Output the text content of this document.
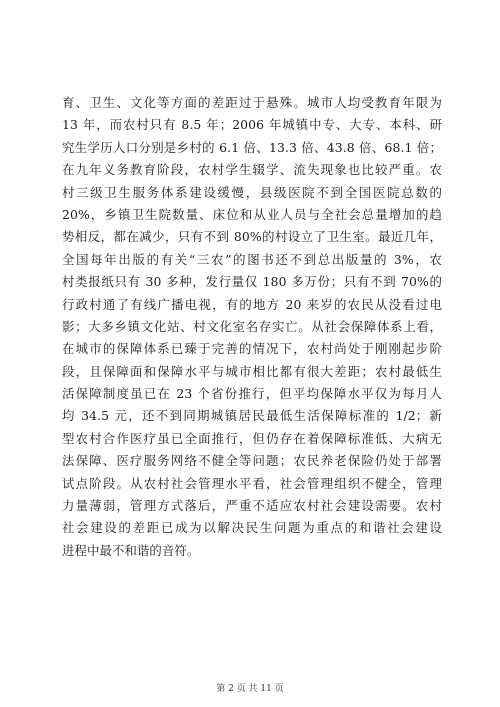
育、卫生、文化等方面的差距过于悬殊。城市人均受教育年限为
13 年，而农村只有 8.5 年；2006 年城镇中专、大专、本科、研
究生学历人口分别是乡村的 6.1 倍、13.3 倍、43.8 倍、68.1 倍；
在九年义务教育阶段，农村学生辍学、流失现象也比较严重。农
村三级卫生服务体系建设缓慢，县级医院不到全国医院总数的
20%，乡镇卫生院数量、床位和从业人员与全社会总量增加的趋
势相反，都在减少，只有不到 80%的村设立了卫生室。最近几年，
全国每年出版的有关“三农”的图书还不到总出版量的 3%，农
村类报纸只有 30 多种，发行量仅 180 多万份；只有不到 70%的
行政村通了有线广播电视，有的地方 20 来岁的农民从没看过电
影；大多乡镇文化站、村文化室名存实亡。从社会保障体系上看，
在城市的保障体系已臻于完善的情况下，农村尚处于刚刚起步阶
段，且保障面和保障水平与城市相比都有很大差距；农村最低生
活保障制度虽已在 23 个省份推行，但平均保障水平仅为每月人
均 34.5 元，还不到同期城镇居民最低生活保障标准的 1/2；新
型农村合作医疗虽已全面推行，但仍存在着保障标准低、大病无
法保障、医疗服务网络不健全等问题；农民养老保险仍处于部署
试点阶段。从农村社会管理水平看，社会管理组织不健全，管理
力量薄弱，管理方式落后，严重不适应农村社会建设需要。农村
社会建设的差距已成为以解决民生问题为重点的和谐社会建设
进程中最不和谐的音符。
第 2 页 共 11 页
